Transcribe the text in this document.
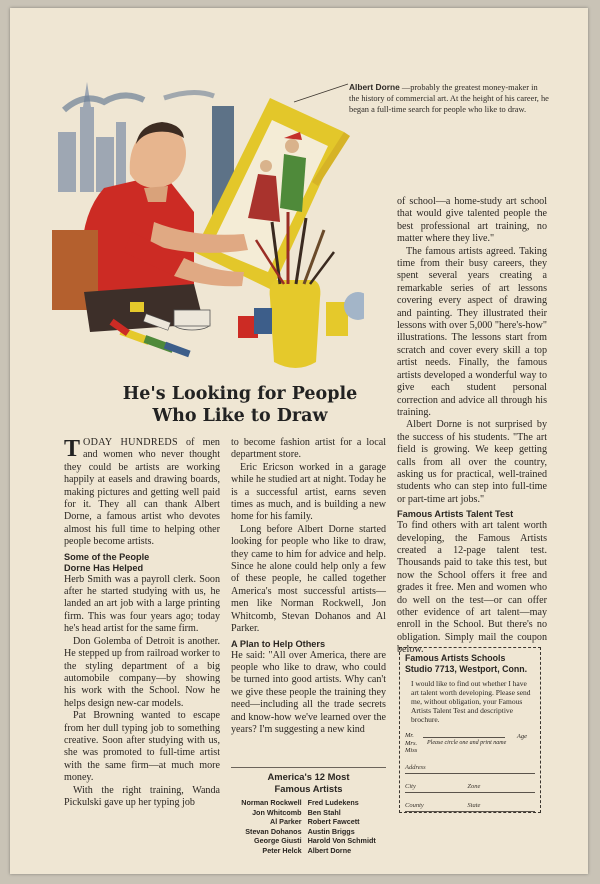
Albert Dorne —probably the greatest money-maker in the history of commercial art. At the height of his career, he began a full-time search for people who like to draw.
He's Looking for People
Who Like to Draw

TODAY HUNDREDS of men and women who never thought they could be artists are working happily at easels and drawing boards, making pictures and getting well paid for it. They all can thank Albert Dorne, a famous artist who devotes almost his full time to helping other people become artists.

Some of the People
Dorne Has Helped

Herb Smith was a payroll clerk. Soon after he started studying with us, he landed an art job with a large printing firm. This was four years ago; today he's head artist for the same firm.

Don Golemba of Detroit is another. He stepped up from railroad worker to the styling department of a big automobile company—by showing his work with the School. Now he helps design new-car models.

Pat Browning wanted to escape from her dull typing job to something creative. Soon after studying with us, she was promoted to full-time artist with the same firm—at much more money.

With the right training, Wanda Pickulski gave up her typing job

to become fashion artist for a local department store.

Eric Ericson worked in a garage while he studied art at night. Today he is a successful artist, earns seven times as much, and is building a new home for his family.

Long before Albert Dorne started looking for people who like to draw, they came to him for advice and help. Since he alone could help only a few of these people, he called together America's most successful artists—men like Norman Rockwell, Jon Whitcomb, Stevan Dohanos and Al Parker.

A Plan to Help Others

He said: "All over America, there are people who like to draw, who could be turned into good artists. Why can't we give these people the training they need—including all the trade secrets and know-how we've learned over the years? I'm suggesting a new kind

America's 12 Most
Famous Artists
Norman Rockwell	Fred Ludekens
Jon Whitcomb	Ben Stahl
Al Parker	Robert Fawcett
Stevan Dohanos	Austin Briggs
George Giusti	Harold Von Schmidt
Peter Helck	Albert Dorne

of school—a home-study art school that would give talented people the best professional art training, no matter where they live."

The famous artists agreed. Taking time from their busy careers, they spent several years creating a remarkable series of art lessons covering every aspect of drawing and painting. They illustrated their lessons with over 5,000 "here's-how" illustrations. The lessons start from scratch and cover every skill a top artist needs. Finally, the famous artists developed a wonderful way to give each student personal correction and advice all through his training.

Albert Dorne is not surprised by the success of his students. "The art field is growing. We keep getting calls from all over the country, asking us for practical, well-trained students who can step into full-time or part-time art jobs."

Famous Artists Talent Test

To find others with art talent worth developing, the Famous Artists created a 12-page talent test. Thousands paid to take this test, but now the School offers it free and grades it free. Men and women who do well on the test—or can offer other evidence of art talent—may enroll in the School. But there's no obligation. Simply mail the coupon below.

Famous Artists Schools
Studio 7713, Westport, Conn.
I would like to find out whether I have art talent worth developing. Please send me, without obligation, your Famous Artists Talent Test and descriptive brochure.
Mr.
Mrs.
Miss
Age
Please circle one and print name
Address
City	Zone
County	State
